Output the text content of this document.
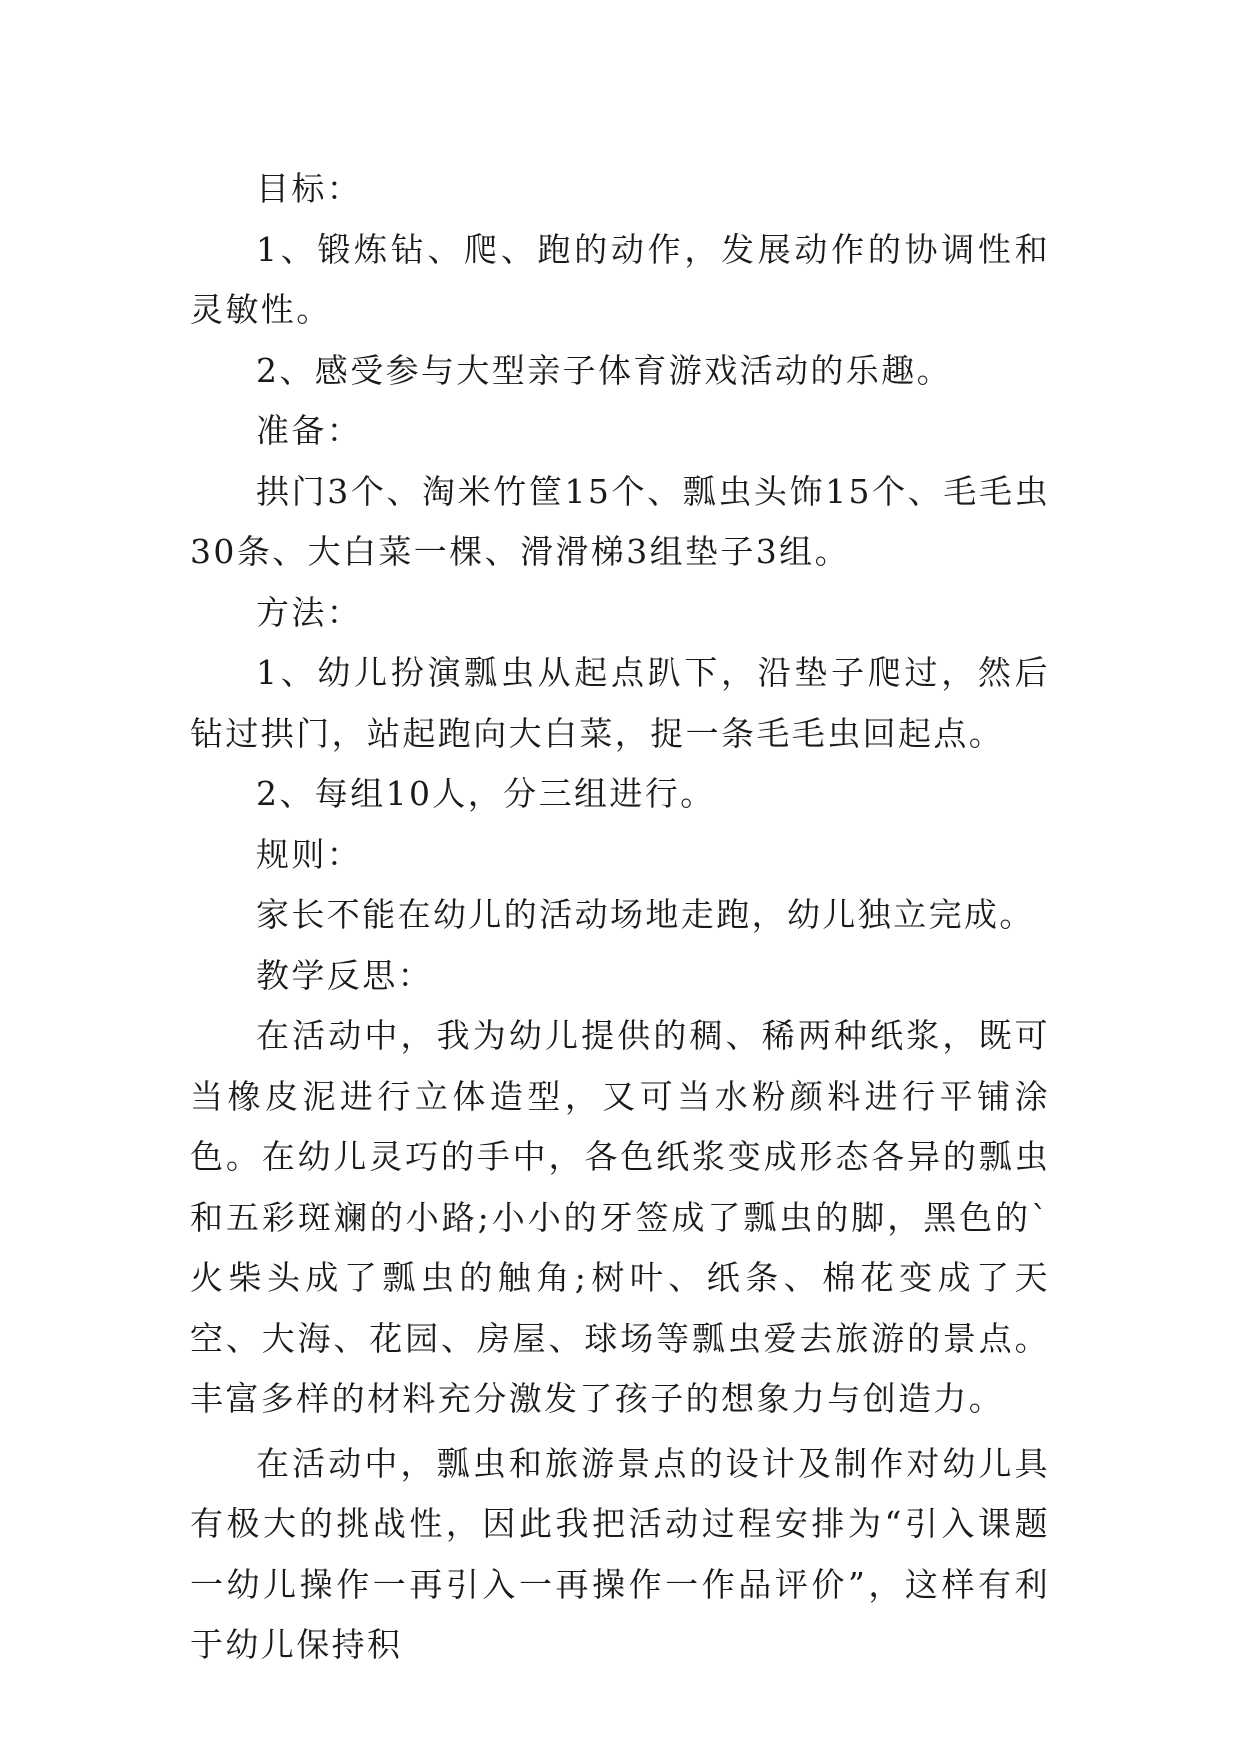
目标：

1、锻炼钻、爬、跑的动作，发展动作的协调性和灵敏性。

2、感受参与大型亲子体育游戏活动的乐趣。

准备：

拱门3个、淘米竹筐15个、瓢虫头饰15个、毛毛虫30条、大白菜一棵、滑滑梯3组垫子3组。

方法：

1、幼儿扮演瓢虫从起点趴下，沿垫子爬过，然后钻过拱门，站起跑向大白菜，捉一条毛毛虫回起点。

2、每组10人，分三组进行。

规则：

家长不能在幼儿的活动场地走跑，幼儿独立完成。

教学反思：

在活动中，我为幼儿提供的稠、稀两种纸浆，既可当橡皮泥进行立体造型，又可当水粉颜料进行平铺涂色。在幼儿灵巧的手中，各色纸浆变成形态各异的瓢虫和五彩斑斓的小路;小小的牙签成了瓢虫的脚，黑色的`火柴头成了瓢虫的触角;树叶、纸条、棉花变成了天空、大海、花园、房屋、球场等瓢虫爱去旅游的景点。丰富多样的材料充分激发了孩子的想象力与创造力。

在活动中，瓢虫和旅游景点的设计及制作对幼儿具有极大的挑战性，因此我把活动过程安排为“引入课题一幼儿操作一再引入一再操作一作品评价”，这样有利于幼儿保持积
